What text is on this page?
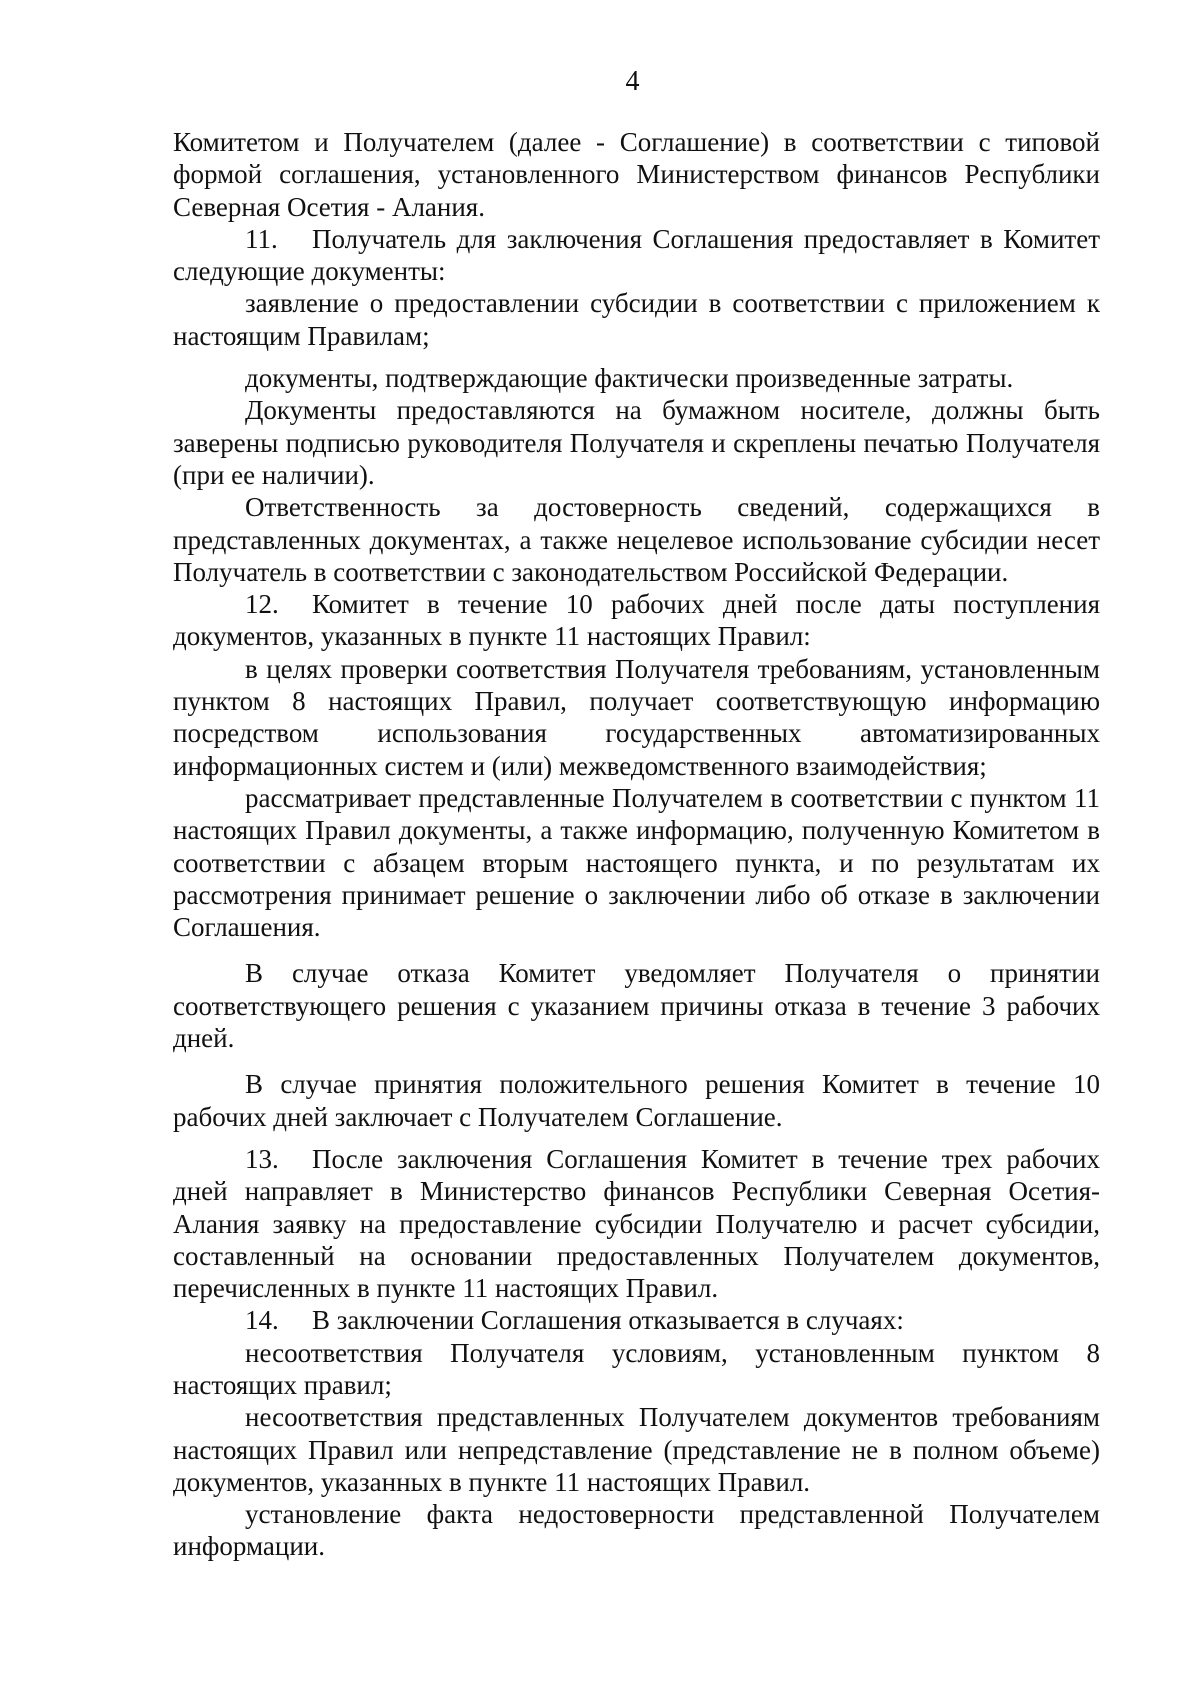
4

Комитетом и Получателем (далее - Соглашение) в соответствии с типовой формой соглашения, установленного Министерством финансов Республики Северная Осетия - Алания.

11. Получатель для заключения Соглашения предоставляет в Комитет следующие документы:

заявление о предоставлении субсидии в соответствии с приложением к настоящим Правилам;

документы, подтверждающие фактически произведенные затраты.

Документы предоставляются на бумажном носителе, должны быть заверены подписью руководителя Получателя и скреплены печатью Получателя (при ее наличии).

Ответственность за достоверность сведений, содержащихся в представленных документах, а также нецелевое использование субсидии несет Получатель в соответствии с законодательством Российской Федерации.

12. Комитет в течение 10 рабочих дней после даты поступления документов, указанных в пункте 11 настоящих Правил:

в целях проверки соответствия Получателя требованиям, установленным пунктом 8 настоящих Правил, получает соответствующую информацию посредством использования государственных автоматизированных информационных систем и (или) межведомственного взаимодействия;

рассматривает представленные Получателем в соответствии с пунктом 11 настоящих Правил документы, а также информацию, полученную Комитетом в соответствии с абзацем вторым настоящего пункта, и по результатам их рассмотрения принимает решение о заключении либо об отказе в заключении Соглашения.

В случае отказа Комитет уведомляет Получателя о принятии соответствующего решения с указанием причины отказа в течение 3 рабочих дней.

В случае принятия положительного решения Комитет в течение 10 рабочих дней заключает с Получателем Соглашение.

13. После заключения Соглашения Комитет в течение трех рабочих дней направляет в Министерство финансов Республики Северная Осетия-Алания заявку на предоставление субсидии Получателю и расчет субсидии, составленный на основании предоставленных Получателем документов, перечисленных в пункте 11 настоящих Правил.

14. В заключении Соглашения отказывается в случаях:

несоответствия Получателя условиям, установленным пунктом 8 настоящих правил;

несоответствия представленных Получателем документов требованиям настоящих Правил или непредставление (представление не в полном объеме) документов, указанных в пункте 11 настоящих Правил.

установление факта недостоверности представленной Получателем информации.
